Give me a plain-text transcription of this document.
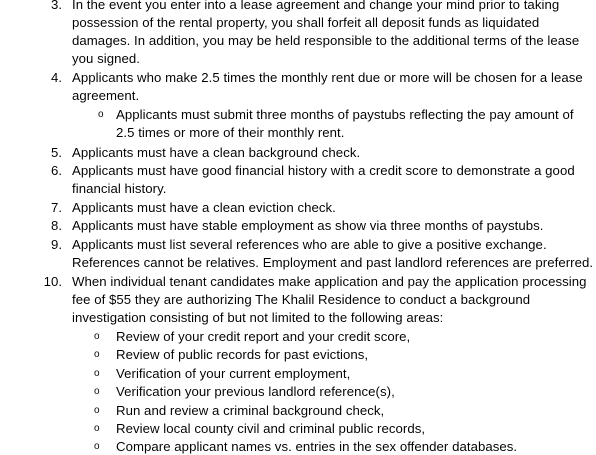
3. In the event you enter into a lease agreement and change your mind prior to taking
possession of the rental property, you shall forfeit all deposit funds as liquidated
damages. In addition, you may be held responsible to the additional terms of the lease
you signed.
4. Applicants who make 2.5 times the monthly rent due or more will be chosen for a lease
agreement.
o Applicants must submit three months of paystubs reflecting the pay amount of
2.5 times or more of their monthly rent.
5. Applicants must have a clean background check.
6. Applicants must have good financial history with a credit score to demonstrate a good
financial history.
7. Applicants must have a clean eviction check.
8. Applicants must have stable employment as show via three months of paystubs.
9. Applicants must list several references who are able to give a positive exchange.
References cannot be relatives. Employment and past landlord references are preferred.
10. When individual tenant candidates make application and pay the application processing
fee of $55 they are authorizing The Khalil Residence to conduct a background
investigation consisting of but not limited to the following areas:
o Review of your credit report and your credit score,
o Review of public records for past evictions,
o Verification of your current employment,
o Verification your previous landlord reference(s),
o Run and review a criminal background check,
o Review local county civil and criminal public records,
o Compare applicant names vs. entries in the sex offender databases.
